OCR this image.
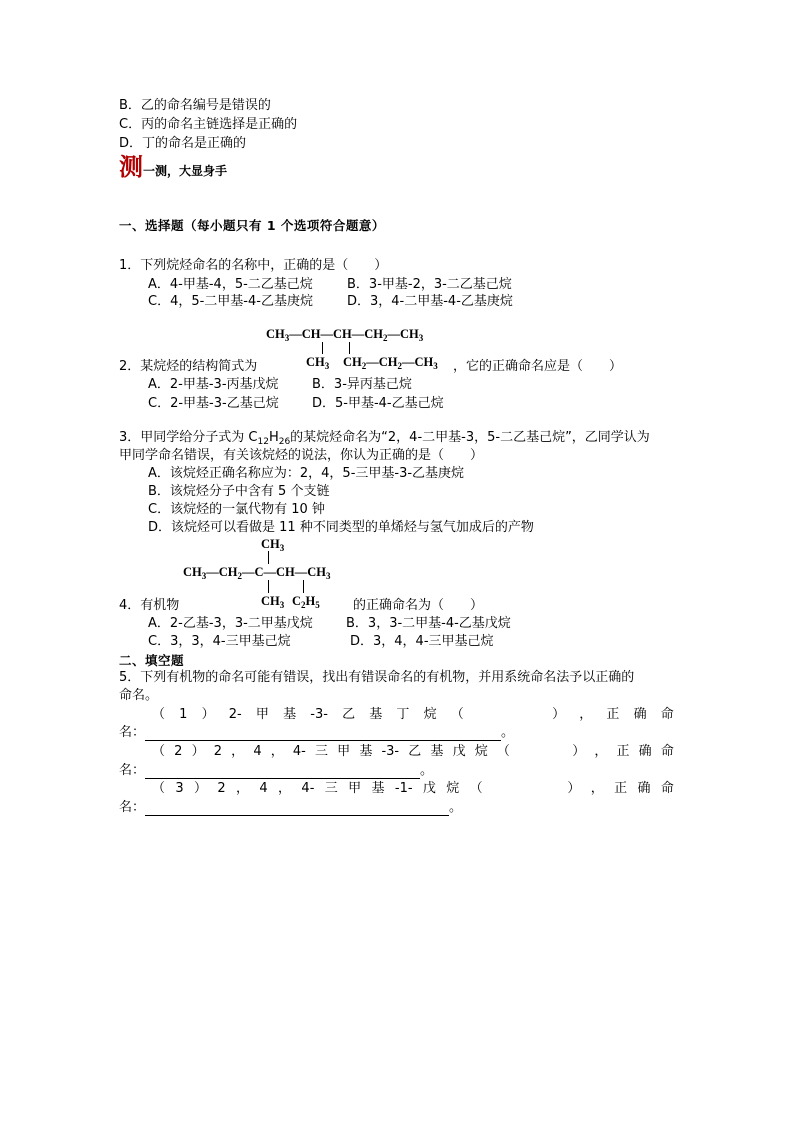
B．乙的命名编号是错误的
C．丙的命名主链选择是正确的
D．丁的命名是正确的
测 一测，大显身手
一、选择题（每小题只有 1 个选项符合题意）
1．下列烷烃命名的名称中，正确的是（　　）
A．4-甲基-4，5-二乙基己烷	B．3-甲基-2，3-二乙基己烷
C．4，5-二甲基-4-乙基庚烷	D．3，4-二甲基-4-乙基庚烷
$CH_3—CH—CH—CH_2—CH_3$
$CH_3$ $CH_2—CH_2—CH_3$
2．某烷烃的结构简式为	，它的正确命名应是（　　）
A．2-甲基-3-丙基戊烷	B．3-异丙基己烷
C．2-甲基-3-乙基己烷	D．5-甲基-4-乙基己烷
3．甲同学给分子式为 $C_{12}H_{26}$的某烷烃命名为“2，4-二甲基-3，5-二乙基己烷”，乙同学认为
甲同学命名错误，有关该烷烃的说法，你认为正确的是（　　）
A．该烷烃正确名称应为：2，4，5-三甲基-3-乙基庚烷
B．该烷烃分子中含有 5 个支链
C．该烷烃的一氯代物有 10 钟
D．该烷烃可以看做是 11 种不同类型的单烯烃与氢气加成后的产物
$CH_3$
$CH_3—CH_2—C—CH—CH_3$
$CH_3$ $C_2H_5$
4．有机物	的正确命名为（　　）
A．2-乙基-3，3-二甲基戊烷	B．3，3-二甲基-4-乙基戊烷
C．3，3，4-三甲基己烷	D．3，4，4-三甲基己烷
二、填空题
5．下列有机物的命名可能有错误，找出有错误命名的有机物，并用系统命名法予以正确的
命名。
（ 1 ） 2- 甲 基 -3- 乙 基 丁 烷 （	） ， 正 确 命
名：	。
（ 2 ） 2 ， 4 ， 4- 三 甲 基 -3- 乙 基 戊 烷 （	） ， 正 确 命
名：	。
（ 3 ） 2 ， 4 ， 4- 三 甲 基 -1- 戊 烷 （	） ， 正 确 命
名：	。
